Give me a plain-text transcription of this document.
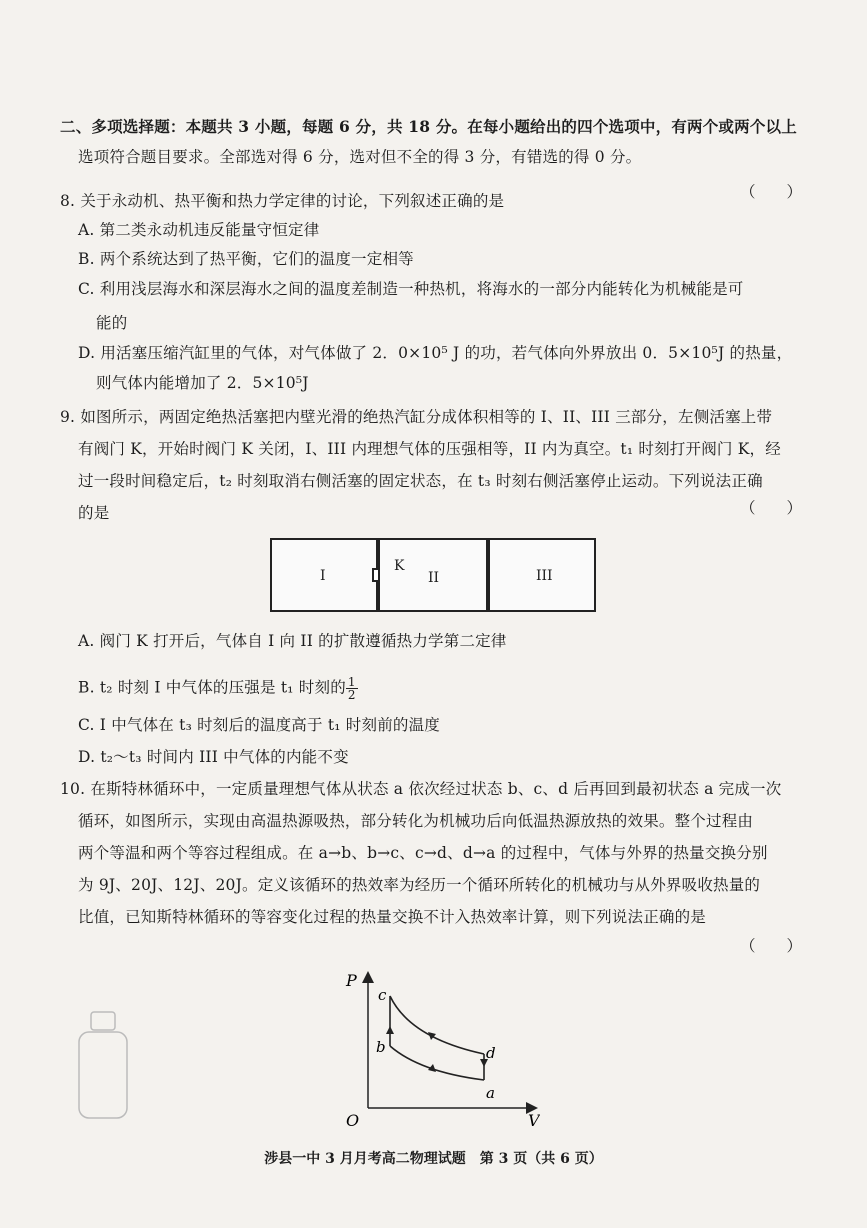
二、多项选择题：本题共 3 小题，每题 6 分，共 18 分。在每小题给出的四个选项中，有两个或两个以上
选项符合题目要求。全部选对得 6 分，选对但不全的得 3 分，有错选的得 0 分。
8. 关于永动机、热平衡和热力学定律的讨论，下列叙述正确的是	（　　）
A. 第二类永动机违反能量守恒定律
B. 两个系统达到了热平衡，它们的温度一定相等
C. 利用浅层海水和深层海水之间的温度差制造一种热机，将海水的一部分内能转化为机械能是可
能的
D. 用活塞压缩汽缸里的气体，对气体做了 2．0×10⁵ J 的功，若气体向外界放出 0．5×10⁵J 的热量，
则气体内能增加了 2．5×10⁵J
9. 如图所示，两固定绝热活塞把内壁光滑的绝热汽缸分成体积相等的 I、II、III 三部分，左侧活塞上带
有阀门 K，开始时阀门 K 关闭，I、III 内理想气体的压强相等，II 内为真空。t₁ 时刻打开阀门 K，经
过一段时间稳定后，t₂ 时刻取消右侧活塞的固定状态，在 t₃ 时刻右侧活塞停止运动。下列说法正确
的是	（　　）
I
K
II	III
A. 阀门 K 打开后，气体自 I 向 II 的扩散遵循热力学第二定律
B. t₂ 时刻 I 中气体的压强是 t₁ 时刻的 $\frac{1}{2}$
C. I 中气体在 t₃ 时刻后的温度高于 t₁ 时刻前的温度
D. t₂～t₃ 时间内 III 中气体的内能不变
10. 在斯特林循环中，一定质量理想气体从状态 a 依次经过状态 b、c、d 后再回到最初状态 a 完成一次
循环，如图所示，实现由高温热源吸热，部分转化为机械功后向低温热源放热的效果。整个过程由
两个等温和两个等容过程组成。在 a→b、b→c、c→d、d→a 的过程中，气体与外界的热量交换分别
为 9J、20J、12J、20J。定义该循环的热效率为经历一个循环所转化的机械功与从外界吸收热量的
比值，已知斯特林循环的等容变化过程的热量交换不计入热效率计算，则下列说法正确的是
（　　）
P
V
O
c
b	d
a
涉县一中 3 月月考高二物理试题　第 3 页（共 6 页）
